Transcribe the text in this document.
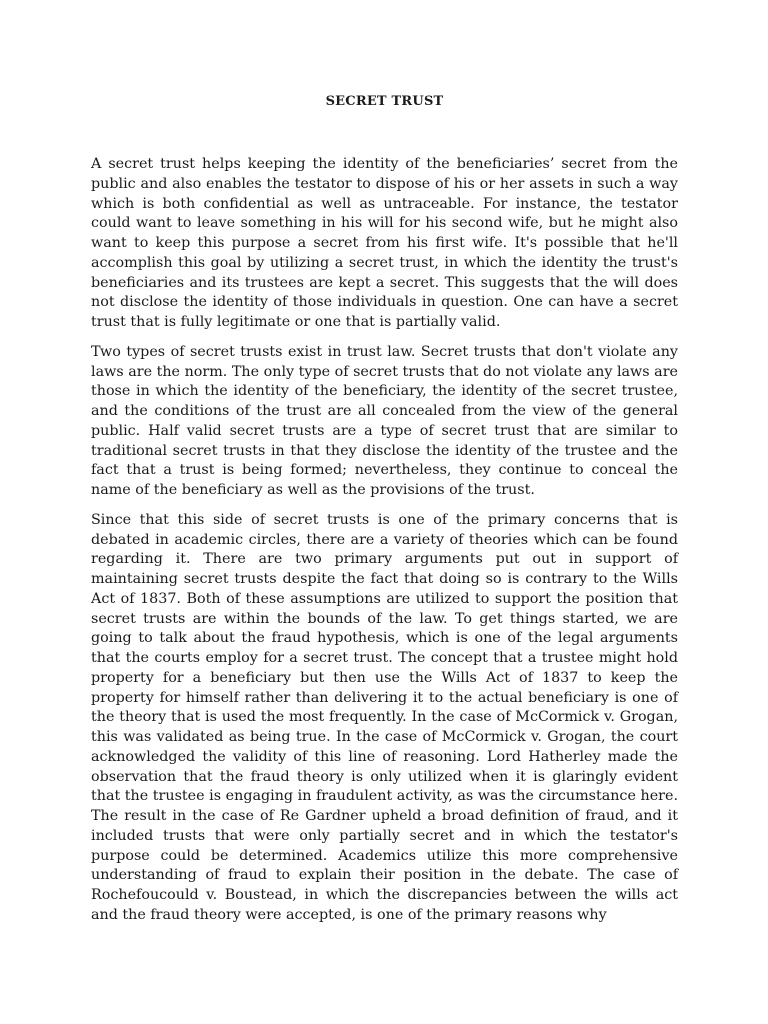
SECRET TRUST

A secret trust helps keeping the identity of the beneficiaries’ secret from the public and also enables the testator to dispose of his or her assets in such a way which is both confidential as well as untraceable. For instance, the testator could want to leave something in his will for his second wife, but he might also want to keep this purpose a secret from his first wife. It's possible that he'll accomplish this goal by utilizing a secret trust, in which the identity the trust's beneficiaries and its trustees are kept a secret. This suggests that the will does not disclose the identity of those individuals in question. One can have a secret trust that is fully legitimate or one that is partially valid.

Two types of secret trusts exist in trust law. Secret trusts that don't violate any laws are the norm. The only type of secret trusts that do not violate any laws are those in which the identity of the beneficiary, the identity of the secret trustee, and the conditions of the trust are all concealed from the view of the general public. Half valid secret trusts are a type of secret trust that are similar to traditional secret trusts in that they disclose the identity of the trustee and the fact that a trust is being formed; nevertheless, they continue to conceal the name of the beneficiary as well as the provisions of the trust.

Since that this side of secret trusts is one of the primary concerns that is debated in academic circles, there are a variety of theories which can be found regarding it. There are two primary arguments put out in support of maintaining secret trusts despite the fact that doing so is contrary to the Wills Act of 1837. Both of these assumptions are utilized to support the position that secret trusts are within the bounds of the law. To get things started, we are going to talk about the fraud hypothesis, which is one of the legal arguments that the courts employ for a secret trust. The concept that a trustee might hold property for a beneficiary but then use the Wills Act of 1837 to keep the property for himself rather than delivering it to the actual beneficiary is one of the theory that is used the most frequently. In the case of McCormick v. Grogan, this was validated as being true. In the case of McCormick v. Grogan, the court acknowledged the validity of this line of reasoning. Lord Hatherley made the observation that the fraud theory is only utilized when it is glaringly evident that the trustee is engaging in fraudulent activity, as was the circumstance here. The result in the case of Re Gardner upheld a broad definition of fraud, and it included trusts that were only partially secret and in which the testator's purpose could be determined. Academics utilize this more comprehensive understanding of fraud to explain their position in the debate. The case of Rochefoucould v. Boustead, in which the discrepancies between the wills act and the fraud theory were accepted, is one of the primary reasons why
